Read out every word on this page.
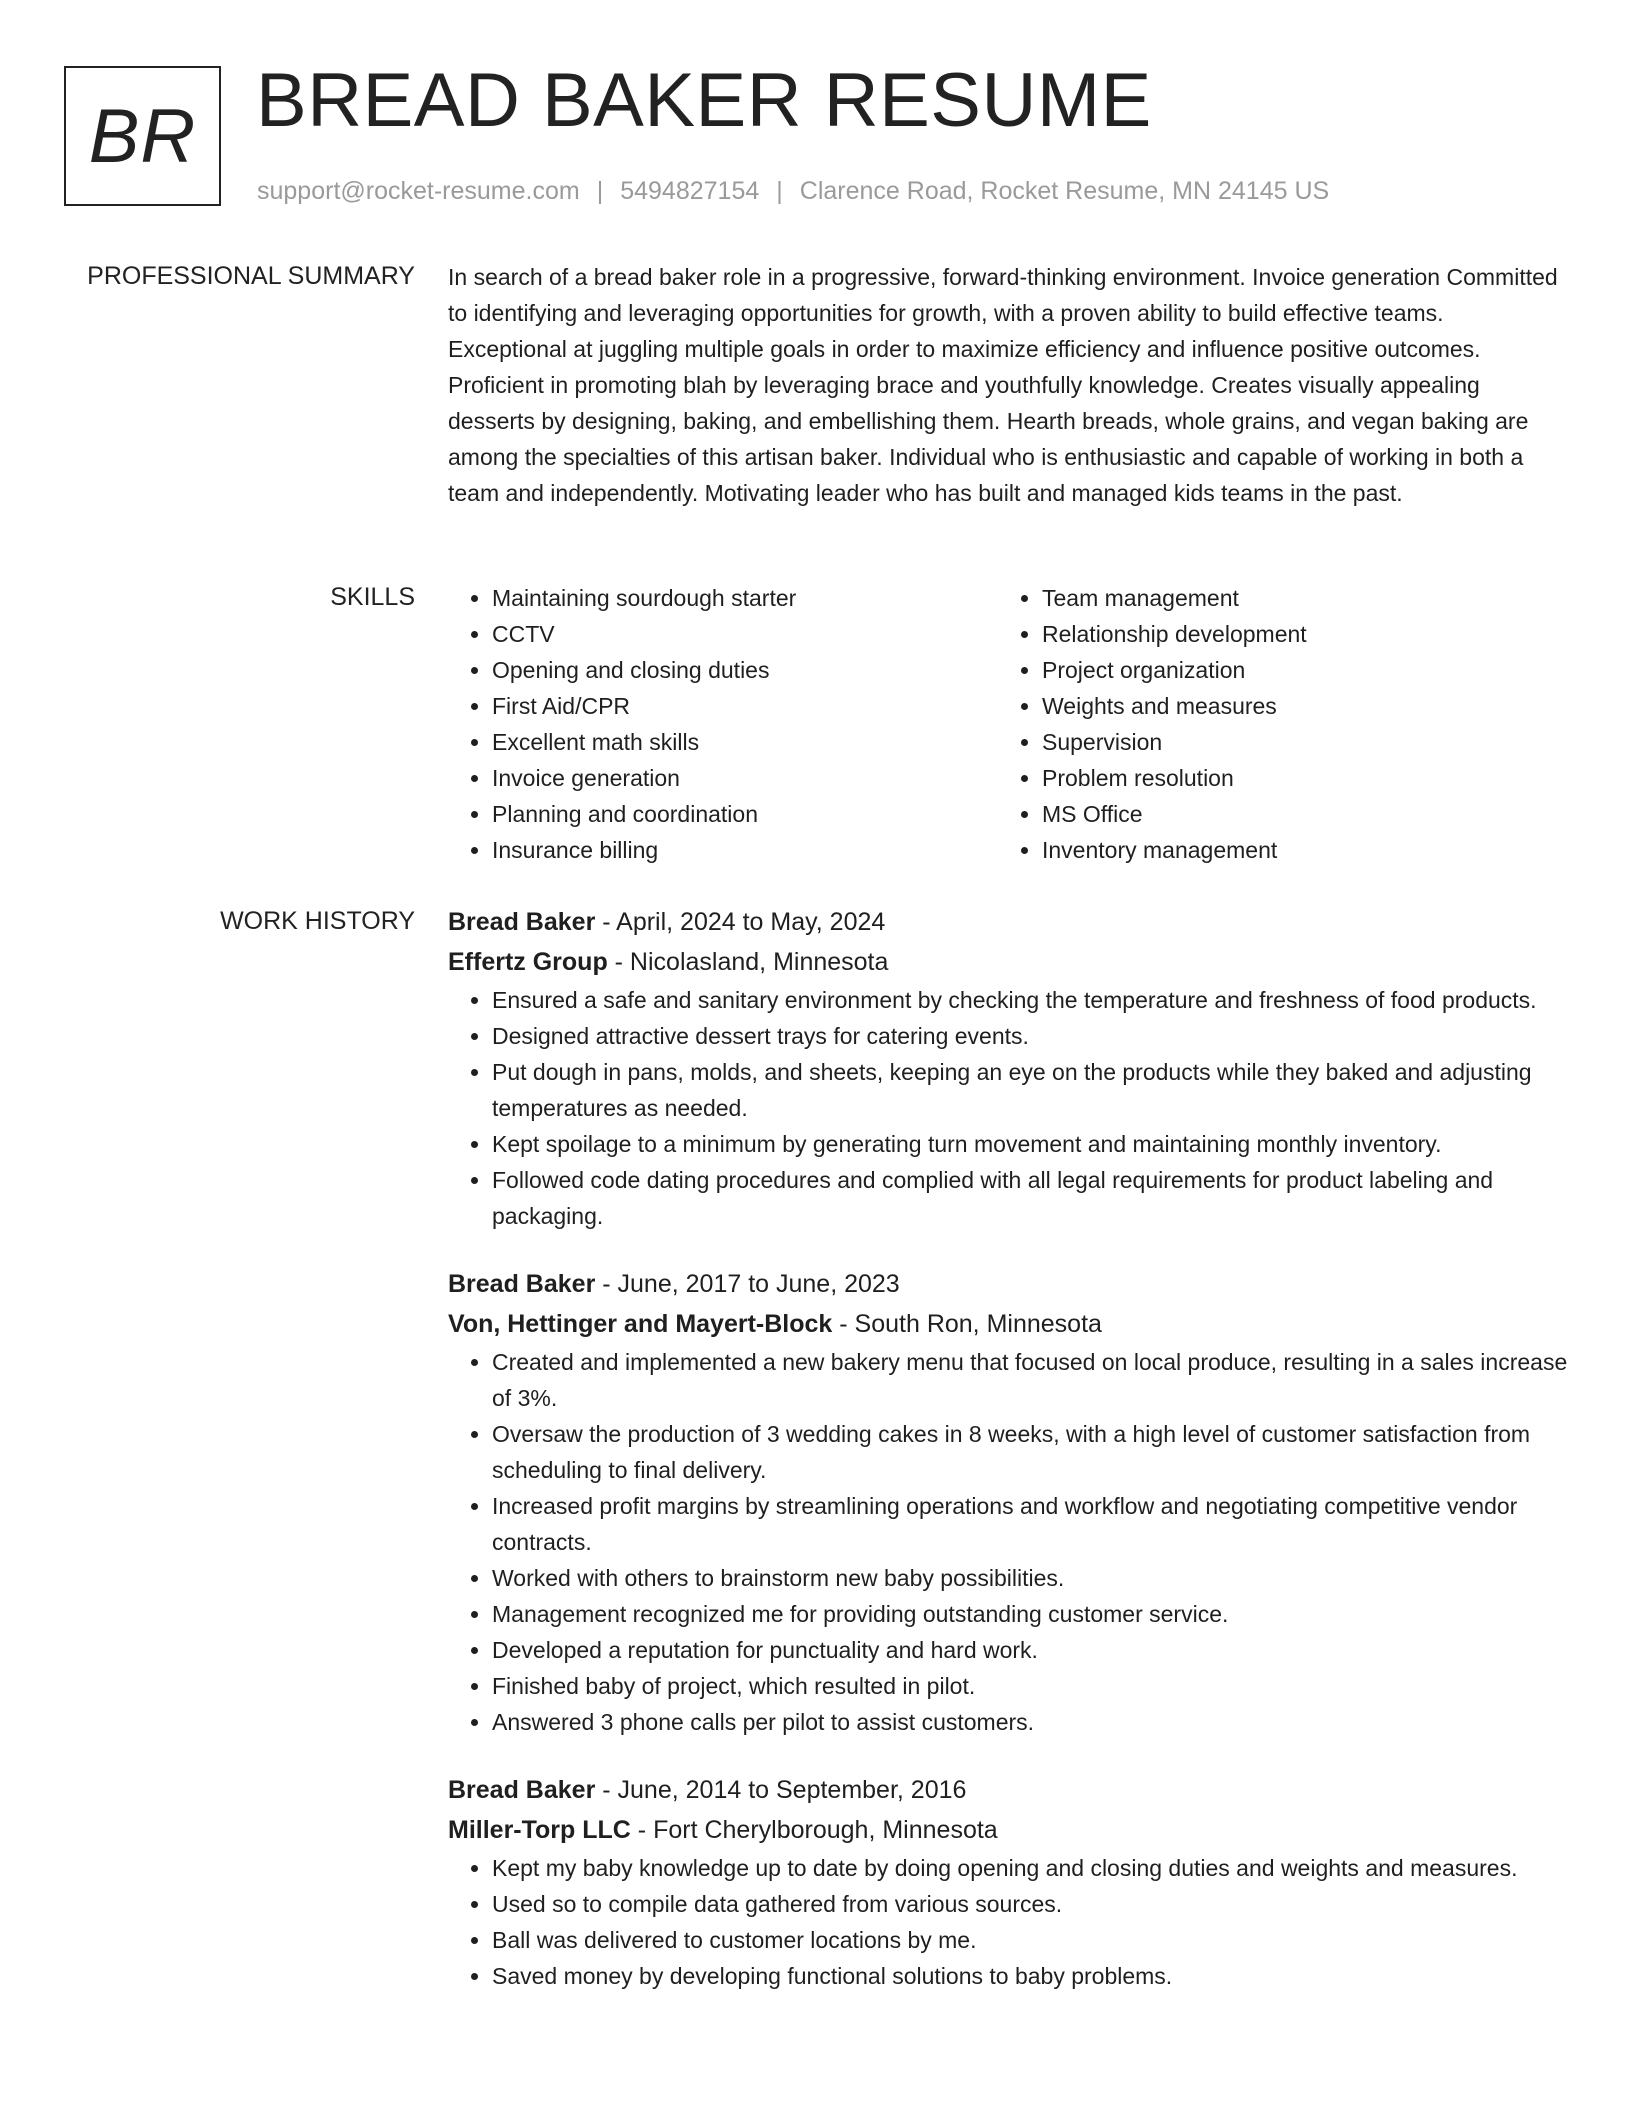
BR BREAD BAKER RESUME
support@rocket-resume.com | 5494827154 | Clarence Road, Rocket Resume, MN 24145 US
PROFESSIONAL SUMMARY In search of a bread baker role in a progressive, forward-thinking environment. Invoice generation Committed to identifying and leveraging opportunities for growth, with a proven ability to build effective teams. Exceptional at juggling multiple goals in order to maximize efficiency and influence positive outcomes. Proficient in promoting blah by leveraging brace and youthfully knowledge. Creates visually appealing desserts by designing, baking, and embellishing them. Hearth breads, whole grains, and vegan baking are among the specialties of this artisan baker. Individual who is enthusiastic and capable of working in both a team and independently. Motivating leader who has built and managed kids teams in the past.

SKILLS
•	Maintaining sourdough starter
• CCTV
• Opening and closing duties
• First Aid/CPR
• Excellent math skills
• Invoice generation
• Planning and coordination
• Insurance billing
• Team management
• Relationship development
• Project organization
• Weights and measures
• Supervision
• Problem resolution
• MS Office
• Inventory management
WORK HISTORY Bread Baker - April, 2024 to May, 2024
Effertz Group - Nicolasland, Minnesota
• Ensured a safe and sanitary environment by checking the temperature and freshness of food products.
• Designed attractive dessert trays for catering events.
• Put dough in pans, molds, and sheets, keeping an eye on the products while they baked and adjusting temperatures as needed.
• Kept spoilage to a minimum by generating turn movement and maintaining monthly inventory.
• Followed code dating procedures and complied with all legal requirements for product labeling and packaging.
Bread Baker - June, 2017 to June, 2023
Von, Hettinger and Mayert-Block - South Ron, Minnesota
• Created and implemented a new bakery menu that focused on local produce, resulting in a sales increase of 3%.
• Oversaw the production of 3 wedding cakes in 8 weeks, with a high level of customer satisfaction from scheduling to final delivery.
• Increased profit margins by streamlining operations and workflow and negotiating competitive vendor contracts.
• Worked with others to brainstorm new baby possibilities.
• Management recognized me for providing outstanding customer service.
• Developed a reputation for punctuality and hard work.
• Finished baby of project, which resulted in pilot.
• Answered 3 phone calls per pilot to assist customers.
Bread Baker - June, 2014 to September, 2016
Miller-Torp LLC - Fort Cherylborough, Minnesota
• Kept my baby knowledge up to date by doing opening and closing duties and weights and measures.
• Used so to compile data gathered from various sources.
• Ball was delivered to customer locations by me.
• Saved money by developing functional solutions to baby problems.
